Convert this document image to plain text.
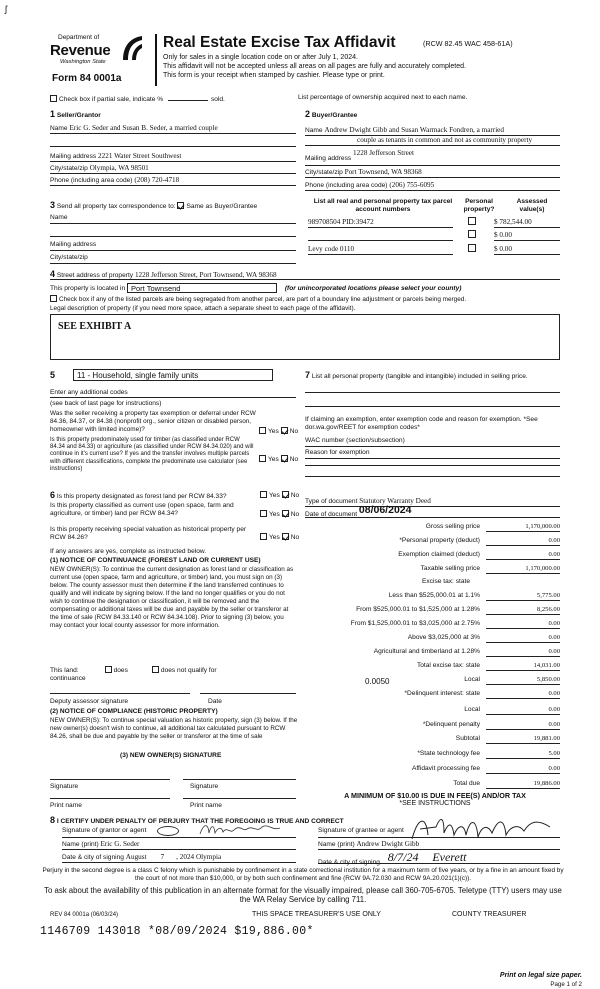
ʃ
Department of
Revenue
Washington State
Form 84 0001a
Real Estate Excise Tax Affidavit	(RCW 82.45 WAC 458-61A)
Only for sales in a single location code on or after July 1, 2024.
This affidavit will not be accepted unless all areas on all pages are fully and accurately completed.
This form is your receipt when stamped by cashier. Please type or print.
Check box if partial sale, indicate %	sold.	List percentage of ownership acquired next to each name.
1 Seller/Grantor
Name Eric G. Seder and Susan B. Seder, a married couple
Mailing address 2221 Water Street Southwest
City/state/zip Olympia, WA 98501
Phone (including area code) (208) 720-4718
2 Buyer/Grantee
Name Andrew Dwight Gibb and Susan Warmack Fondren, a married
couple as tenants in common and not as community property
Mailing address 1228 Jefferson Street
City/state/zip Port Townsend, WA 98368
Phone (including area code) (206) 755-6095
3 Send all property tax correspondence to: Same as Buyer/Grantee
Name
Mailing address
City/state/zip
List all real and personal property tax parcel account numbers
Personal property?
Assessed value(s)
989708504 PID:39472	$ 782,544.00
$ 0.00
Levy code 0110	$ 0.00
4 Street address of property 1228 Jefferson Street, Port Townsend, WA 98368
This property is located in Port Townsend	(for unincorporated locations please select your county)
Check box if any of the listed parcels are being segregated from another parcel, are part of a boundary line adjustment or parcels being merged.
Legal description of property (if you need more space, attach a separate sheet to each page of the affidavit).
SEE EXHIBIT A
5	11 - Household, single family units
Enter any additional codes
(see back of last page for instructions)
Was the seller receiving a property tax exemption or deferral under RCW 84.36, 84.37, or 84.38 (nonprofit org., senior citizen or disabled person, homeowner with limited income)?	Yes No
Is this property predominately used for timber (as classified under RCW 84.34 and 84.33) or agriculture (as classified under RCW 84.34.020) and will continue in it's current use? If yes and the transfer involves multiple parcels with different classifications, complete the predominate use calculator (see instructions)
Yes No
6 Is this property designated as forest land per RCW 84.33?	Yes No
Is this property classified as current use (open space, farm and agriculture, or timber) land per RCW 84.34?	Yes No
Is this property receiving special valuation as historical property per RCW 84.26?	Yes No
If any answers are yes, complete as instructed below.
(1) NOTICE OF CONTINUANCE (FOREST LAND OR CURRENT USE)
NEW OWNER(S): To continue the current designation as forest land or classification as current use (open space, farm and agriculture, or timber) land, you must sign on (3) below. The county assessor must then determine if the land transferred continues to qualify and will indicate by signing below. If the land no longer qualifies or you do not wish to continue the designation or classification, it will be removed and the compensating or additional taxes will be due and payable by the seller or transferor at the time of sale (RCW 84.33.140 or RCW 84.34.108). Prior to signing (3) below, you may contact your local county assessor for more information.
This land:	does	does not qualify for
continuance
Deputy assessor signature	Date
(2) NOTICE OF COMPLIANCE (HISTORIC PROPERTY)
NEW OWNER(S): To continue special valuation as historic property, sign (3) below. If the new owner(s) doesn't wish to continue, all additional tax calculated pursuant to RCW 84.26, shall be due and payable by the seller or transferor at the time of sale
(3) NEW OWNER(S) SIGNATURE
Signature	Signature
Print name	Print name
7 List all personal property (tangible and intangible) included in selling price.
If claiming an exemption, enter exemption code and reason for exemption. *See dor.wa.gov/REET for exemption codes*
WAC number (section/subsection)
Reason for exemption
Type of document Statutory Warranty Deed
Date of document 08/06/2024
Gross selling price	1,170,000.00
*Personal property (deduct)	0.00
Exemption claimed (deduct)	0.00
Taxable selling price	1,170,000.00
Excise tax: state
Less than $525,000.01 at 1.1%	5,775.00
From $525,000.01 to $1,525,000 at 1.28%	8,256.00
From $1,525,000.01 to $3,025,000 at 2.75%	0.00
Above $3,025,000 at 3%	0.00
Agricultural and timberland at 1.28%	0.00
Total excise tax: state	14,031.00
0.0050	Local	5,850.00
*Delinquent interest: state	0.00
Local	0.00
*Delinquent penalty	0.00
Subtotal	19,881.00
*State technology fee	5.00
Affidavit processing fee	0.00
Total due	19,886.00
A MINIMUM OF $10.00 IS DUE IN FEE(S) AND/OR TAX
*SEE INSTRUCTIONS
8 I CERTIFY UNDER PENALTY OF PERJURY THAT THE FOREGOING IS TRUE AND CORRECT
Signature of grantor or agent
Name (print) Eric G. Seder
Date & city of signing August 7 , 2024 Olympia
Signature of grantee or agent
Name (print) Andrew Dwight Gibb
Date & city of signing 8/7/24 Everett
Perjury in the second degree is a class C felony which is punishable by confinement in a state correctional institution for a maximum term of five years, or by a fine in an amount fixed by the court of not more than $10,000, or by both such confinement and fine (RCW 9A.72.030 and RCW 9A.20.021(1)(c)).
To ask about the availability of this publication in an alternate format for the visually impaired, please call 360-705-6705. Teletype (TTY) users may use the WA Relay Service by calling 711.
REV 84 0001a (06/03/24)	THIS SPACE TREASURER'S USE ONLY	COUNTY TREASURER
1146709 143018 *08/09/2024 $19,886.00*
Print on legal size paper.
Page 1 of 2
